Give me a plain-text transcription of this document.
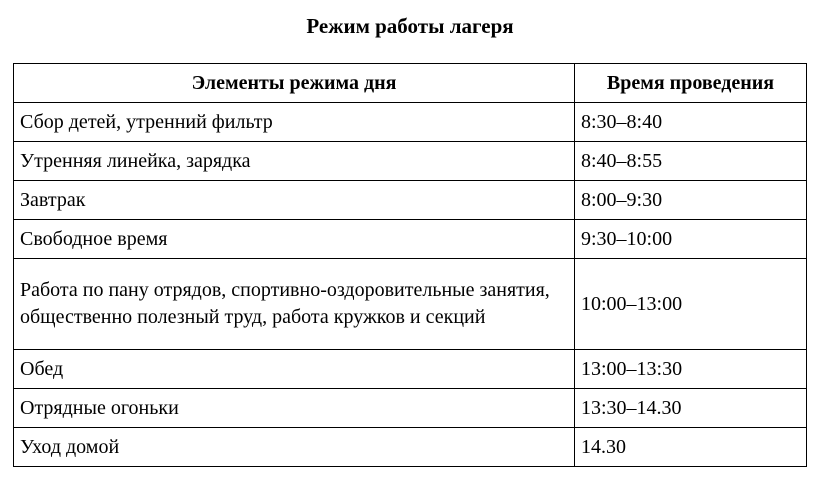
Режим работы лагеря
Элементы режима дня	Время проведения
Сбор детей, утренний фильтр	8:30–8:40
Утренняя линейка, зарядка	8:40–8:55
Завтрак	8:00–9:30
Свободное время	9:30–10:00
Работа по пану отрядов, спортивно-оздоровительные занятия, общественно полезный труд, работа кружков и секций	10:00–13:00
Обед	13:00–13:30
Отрядные огоньки	13:30–14.30
Уход домой	14.30
